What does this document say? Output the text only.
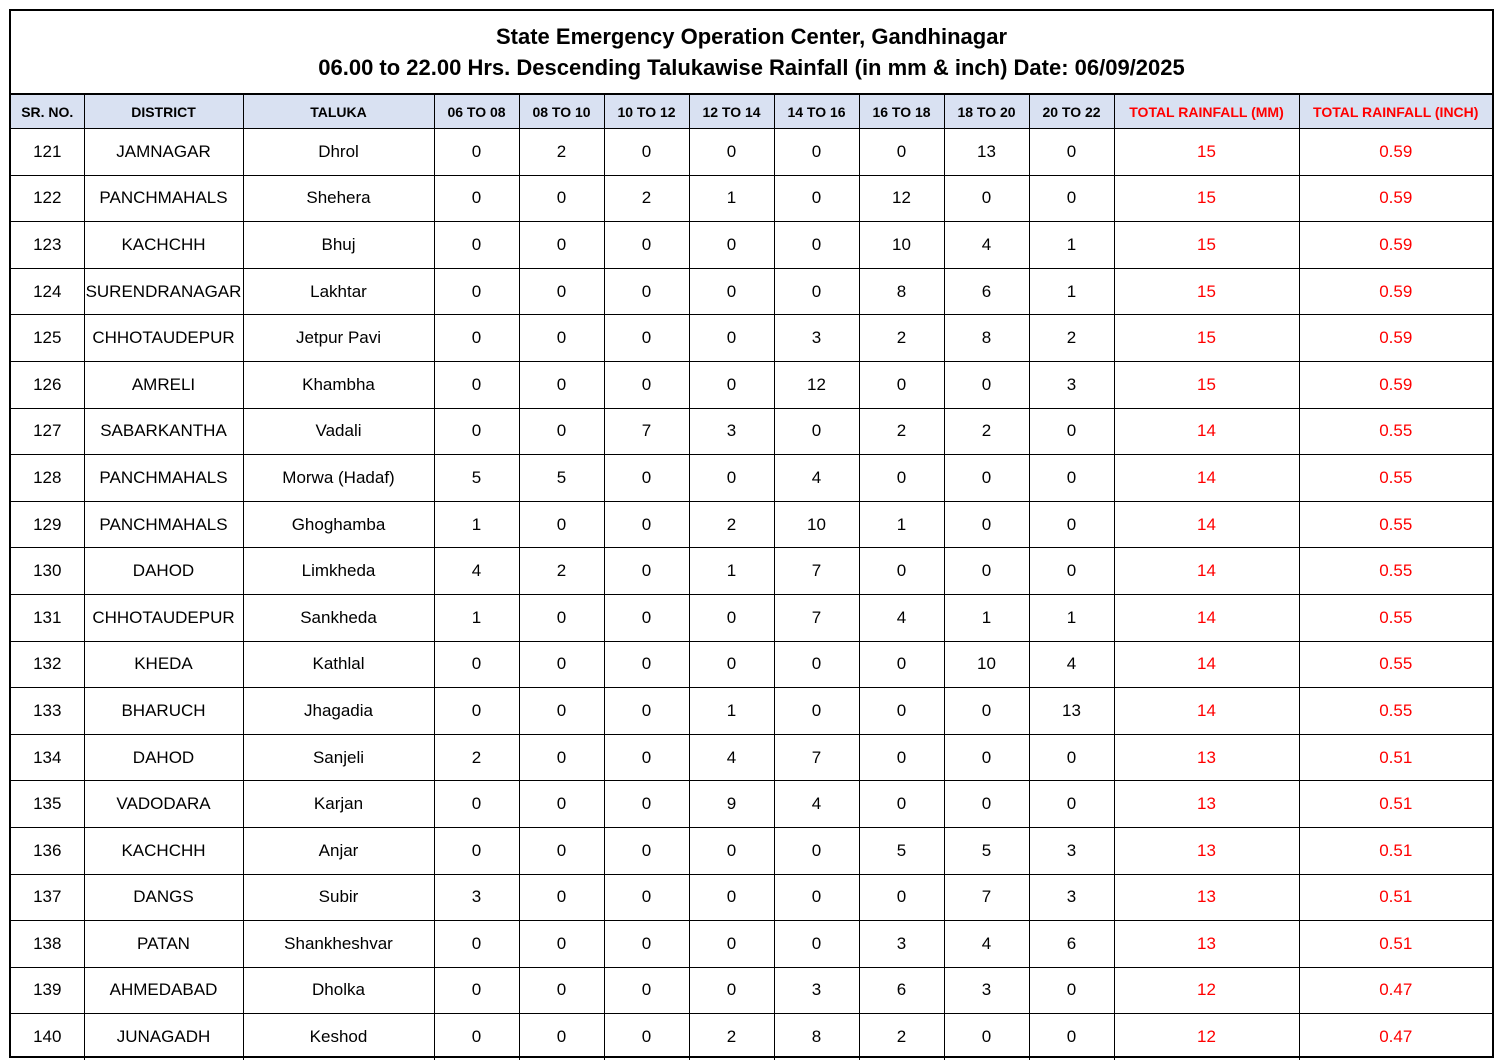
State Emergency Operation Center, Gandhinagar
06.00 to 22.00 Hrs. Descending Talukawise Rainfall (in mm & inch) Date: 06/09/2025
SR. NO.	DISTRICT	TALUKA	06 TO 08	08 TO 10	10 TO 12	12 TO 14	14 TO 16	16 TO 18	18 TO 20	20 TO 22	TOTAL RAINFALL (MM)	TOTAL RAINFALL (INCH)
121	JAMNAGAR	Dhrol	0	2	0	0	0	0	13	0	15	0.59
122	PANCHMAHALS	Shehera	0	0	2	1	0	12	0	0	15	0.59
123	KACHCHH	Bhuj	0	0	0	0	0	10	4	1	15	0.59
124	SURENDRANAGAR	Lakhtar	0	0	0	0	0	8	6	1	15	0.59
125	CHHOTAUDEPUR	Jetpur Pavi	0	0	0	0	3	2	8	2	15	0.59
126	AMRELI	Khambha	0	0	0	0	12	0	0	3	15	0.59
127	SABARKANTHA	Vadali	0	0	7	3	0	2	2	0	14	0.55
128	PANCHMAHALS	Morwa (Hadaf)	5	5	0	0	4	0	0	0	14	0.55
129	PANCHMAHALS	Ghoghamba	1	0	0	2	10	1	0	0	14	0.55
130	DAHOD	Limkheda	4	2	0	1	7	0	0	0	14	0.55
131	CHHOTAUDEPUR	Sankheda	1	0	0	0	7	4	1	1	14	0.55
132	KHEDA	Kathlal	0	0	0	0	0	0	10	4	14	0.55
133	BHARUCH	Jhagadia	0	0	0	1	0	0	0	13	14	0.55
134	DAHOD	Sanjeli	2	0	0	4	7	0	0	0	13	0.51
135	VADODARA	Karjan	0	0	0	9	4	0	0	0	13	0.51
136	KACHCHH	Anjar	0	0	0	0	0	5	5	3	13	0.51
137	DANGS	Subir	3	0	0	0	0	0	7	3	13	0.51
138	PATAN	Shankheshvar	0	0	0	0	0	3	4	6	13	0.51
139	AHMEDABAD	Dholka	0	0	0	0	3	6	3	0	12	0.47
140	JUNAGADH	Keshod	0	0	0	2	8	2	0	0	12	0.47
